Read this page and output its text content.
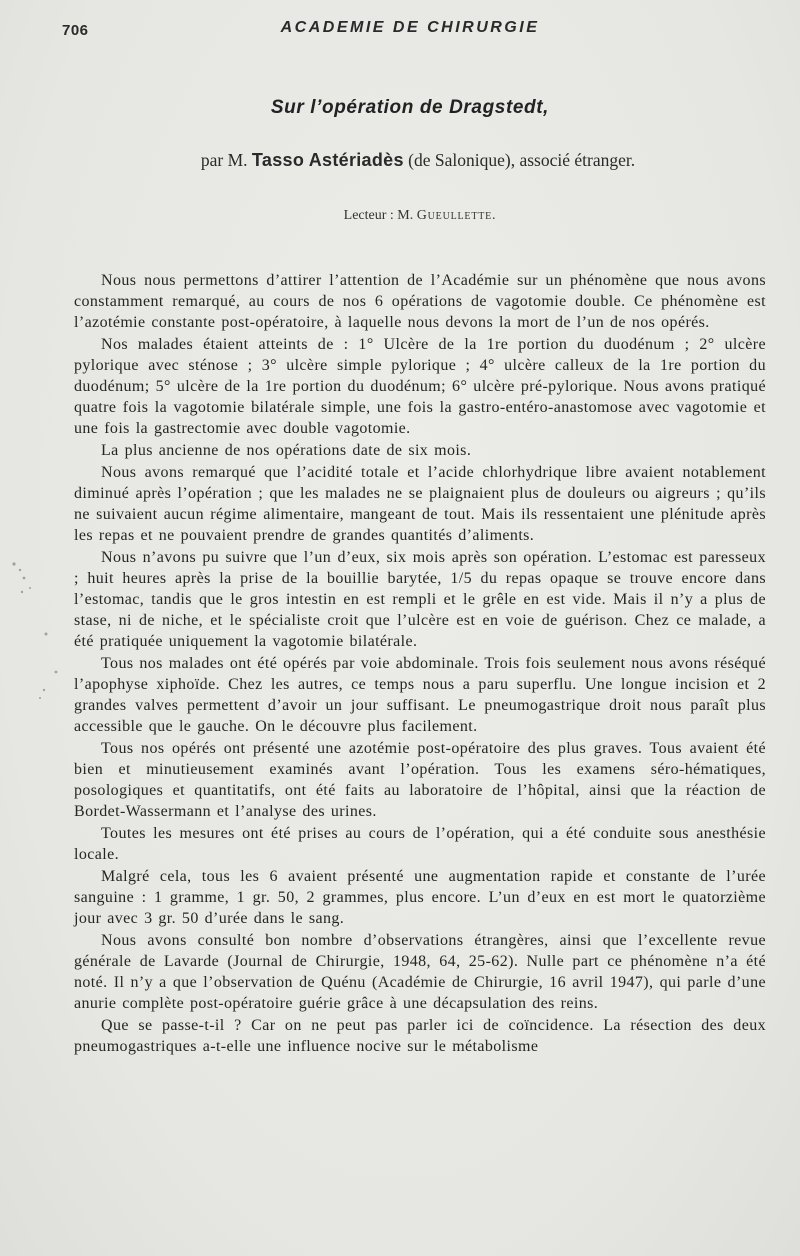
706	ACADEMIE DE CHIRURGIE
Sur l’opération de Dragstedt,
par M. Tasso Astériadès (de Salonique), associé étranger.
Lecteur : M. Gueullette.

Nous nous permettons d’attirer l’attention de l’Académie sur un phénomène que nous avons constamment remarqué, au cours de nos 6 opérations de vagotomie double. Ce phénomène est l’azotémie constante post-opératoire, à laquelle nous devons la mort de l’un de nos opérés.

Nos malades étaient atteints de : 1° Ulcère de la 1re portion du duodénum ; 2° ulcère pylorique avec sténose ; 3° ulcère simple pylorique ; 4° ulcère calleux de la 1re portion du duodénum; 5° ulcère de la 1re portion du duodénum; 6° ulcère pré-pylorique. Nous avons pratiqué quatre fois la vagotomie bilatérale simple, une fois la gastro-entéro-anastomose avec vagotomie et une fois la gastrectomie avec double vagotomie.

La plus ancienne de nos opérations date de six mois.

Nous avons remarqué que l’acidité totale et l’acide chlorhydrique libre avaient notablement diminué après l’opération ; que les malades ne se plaignaient plus de douleurs ou aigreurs ; qu’ils ne suivaient aucun régime alimentaire, mangeant de tout. Mais ils ressentaient une plénitude après les repas et ne pouvaient prendre de grandes quantités d’aliments.

Nous n’avons pu suivre que l’un d’eux, six mois après son opération. L’estomac est paresseux ; huit heures après la prise de la bouillie barytée, 1/5 du repas opaque se trouve encore dans l’estomac, tandis que le gros intestin en est rempli et le grêle en est vide. Mais il n’y a plus de stase, ni de niche, et le spécialiste croit que l’ulcère est en voie de guérison. Chez ce malade, a été pratiquée uniquement la vagotomie bilatérale.

Tous nos malades ont été opérés par voie abdominale. Trois fois seulement nous avons réséqué l’apophyse xiphoïde. Chez les autres, ce temps nous a paru superflu. Une longue incision et 2 grandes valves permettent d’avoir un jour suffisant. Le pneumogastrique droit nous paraît plus accessible que le gauche. On le découvre plus facilement.

Tous nos opérés ont présenté une azotémie post-opératoire des plus graves. Tous avaient été bien et minutieusement examinés avant l’opération. Tous les examens séro-hématiques, posologiques et quantitatifs, ont été faits au laboratoire de l’hôpital, ainsi que la réaction de Bordet-Wassermann et l’analyse des urines.

Toutes les mesures ont été prises au cours de l’opération, qui a été conduite sous anesthésie locale.

Malgré cela, tous les 6 avaient présenté une augmentation rapide et constante de l’urée sanguine : 1 gramme, 1 gr. 50, 2 grammes, plus encore. L’un d’eux en est mort le quatorzième jour avec 3 gr. 50 d’urée dans le sang.

Nous avons consulté bon nombre d’observations étrangères, ainsi que l’excellente revue générale de Lavarde (Journal de Chirurgie, 1948, 64, 25-62). Nulle part ce phénomène n’a été noté. Il n’y a que l’observation de Quénu (Académie de Chirurgie, 16 avril 1947), qui parle d’une anurie complète post-opératoire guérie grâce à une décapsulation des reins.

Que se passe-t-il ? Car on ne peut pas parler ici de coïncidence. La résection des deux pneumogastriques a-t-elle une influence nocive sur le métabolisme
